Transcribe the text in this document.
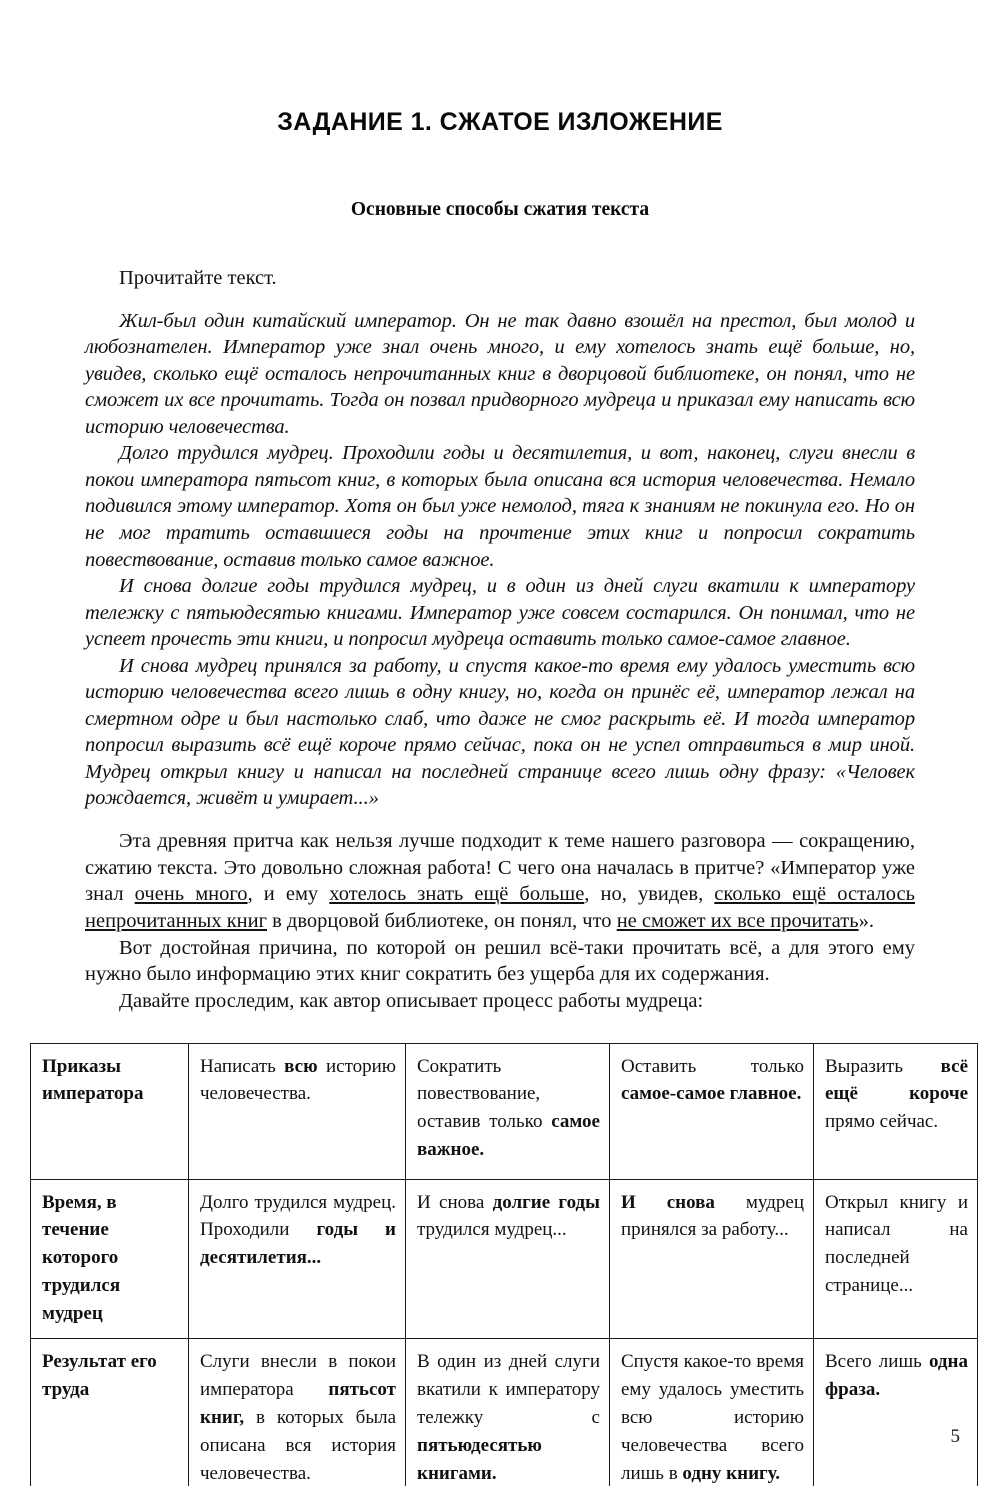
ЗАДАНИЕ 1. СЖАТОЕ ИЗЛОЖЕНИЕ
Основные способы сжатия текста

Прочитайте текст.

Жил-был один китайский император. Он не так давно взошёл на престол, был молод и любознателен. Император уже знал очень много, и ему хотелось знать ещё больше, но, увидев, сколько ещё осталось непрочитанных книг в дворцовой библиотеке, он понял, что не сможет их все прочитать. Тогда он позвал придворного мудреца и приказал ему написать всю историю человечества.

Долго трудился мудрец. Проходили годы и десятилетия, и вот, наконец, слуги внесли в покои императора пятьсот книг, в которых была описана вся история человечества. Немало подивился этому император. Хотя он был уже немолод, тяга к знаниям не покинула его. Но он не мог тратить оставшиеся годы на прочтение этих книг и попросил сократить повествование, оставив только самое важное.

И снова долгие годы трудился мудрец, и в один из дней слуги вкатили к императору тележку с пятьюдесятью книгами. Император уже совсем состарился. Он понимал, что не успеет прочесть эти книги, и попросил мудреца оставить только самое-самое главное.

И снова мудрец принялся за работу, и спустя какое-то время ему удалось уместить всю историю человечества всего лишь в одну книгу, но, когда он принёс её, император лежал на смертном одре и был настолько слаб, что даже не смог раскрыть её. И тогда император попросил выразить всё ещё короче прямо сейчас, пока он не успел отправиться в мир иной. Мудрец открыл книгу и написал на последней странице всего лишь одну фразу: «Человек рождается, живёт и умирает...»

Эта древняя притча как нельзя лучше подходит к теме нашего разговора — сокращению, сжатию текста. Это довольно сложная работа! С чего она началась в притче? «Император уже знал очень много, и ему хотелось знать ещё больше, но, увидев, сколько ещё осталось непрочитанных книг в дворцовой библиотеке, он понял, что не сможет их все прочитать».

Вот достойная причина, по которой он решил всё-таки прочитать всё, а для этого ему нужно было информацию этих книг сократить без ущерба для их содержания.

Давайте проследим, как автор описывает процесс работы мудреца:

Приказы императора	Написать всю историю человечества.	Сократить повествование, оставив только самое важное.	Оставить только самое-самое главное.	Выразить всё ещё короче прямо сейчас.
Время, в течение которого трудился мудрец	Долго трудился мудрец. Проходили годы и десятилетия...	И снова долгие годы трудился мудрец...	И снова мудрец принялся за работу...	Открыл книгу и написал на последней странице...
Результат его труда	Слуги внесли в покои императора пятьсот книг, в которых была описана вся история человечества.	В один из дней слуги вкатили к императору тележку с пятьюдесятью книгами.	Спустя какое-то время ему удалось уместить всю историю человечества всего лишь в одну книгу.	Всего лишь одна фраза.
5
